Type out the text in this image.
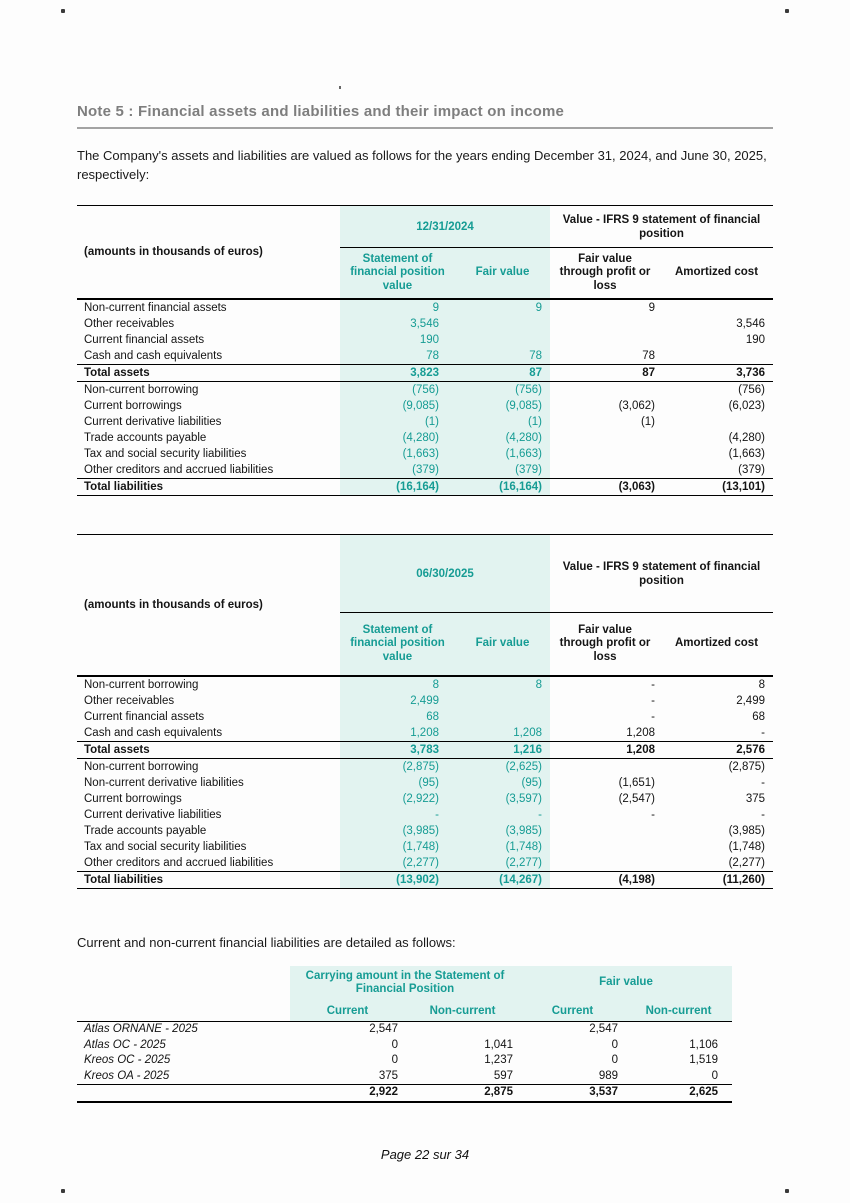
Note 5 : Financial assets and liabilities and their impact on income

The Company's assets and liabilities are valued as follows for the years ending December 31, 2024, and June 30, 2025, respectively:

(amounts in thousands of euros)	12/31/2024		Value - IFRS 9 statement of financial position	
	Statement of financial position value	Fair value	Fair value through profit or loss	Amortized cost
Non-current financial assets	9	9	9	
Other receivables	3,546			3,546
Current financial assets	190			190
Cash and cash equivalents	78	78	78	
Total assets	3,823	87	87	3,736
Non-current borrowing	(756)	(756)		(756)
Current borrowings	(9,085)	(9,085)	(3,062)	(6,023)
Current derivative liabilities	(1)	(1)	(1)	
Trade accounts payable	(4,280)	(4,280)		(4,280)
Tax and social security liabilities	(1,663)	(1,663)		(1,663)
Other creditors and accrued liabilities	(379)	(379)		(379)
Total liabilities	(16,164)	(16,164)	(3,063)	(13,101)
(amounts in thousands of euros)	06/30/2025		Value - IFRS 9 statement of financial position	
	Statement of financial position value	Fair value	Fair value through profit or loss	Amortized cost
Non-current borrowing	8	8	-	8
Other receivables	2,499		-	2,499
Current financial assets	68		-	68
Cash and cash equivalents	1,208	1,208	1,208	-
Total assets	3,783	1,216	1,208	2,576
Non-current borrowing	(2,875)	(2,625)		(2,875)
Non-current derivative liabilities	(95)	(95)	(1,651)	-
Current borrowings	(2,922)	(3,597)	(2,547)	375
Current derivative liabilities	-	-	-	-
Trade accounts payable	(3,985)	(3,985)		(3,985)
Tax and social security liabilities	(1,748)	(1,748)		(1,748)
Other creditors and accrued liabilities	(2,277)	(2,277)		(2,277)
Total liabilities	(13,902)	(14,267)	(4,198)	(11,260)

Current and non-current financial liabilities are detailed as follows:

	Carrying amount in the Statement of Financial Position		Fair value	
	Current	Non-current	Current	Non-current
Atlas ORNANE - 2025	2,547		2,547	
Atlas OC - 2025	0	1,041	0	1,106
Kreos OC - 2025	0	1,237	0	1,519
Kreos OA - 2025	375	597	989	0
	2,922	2,875	3,537	2,625

Page 22 sur 34
